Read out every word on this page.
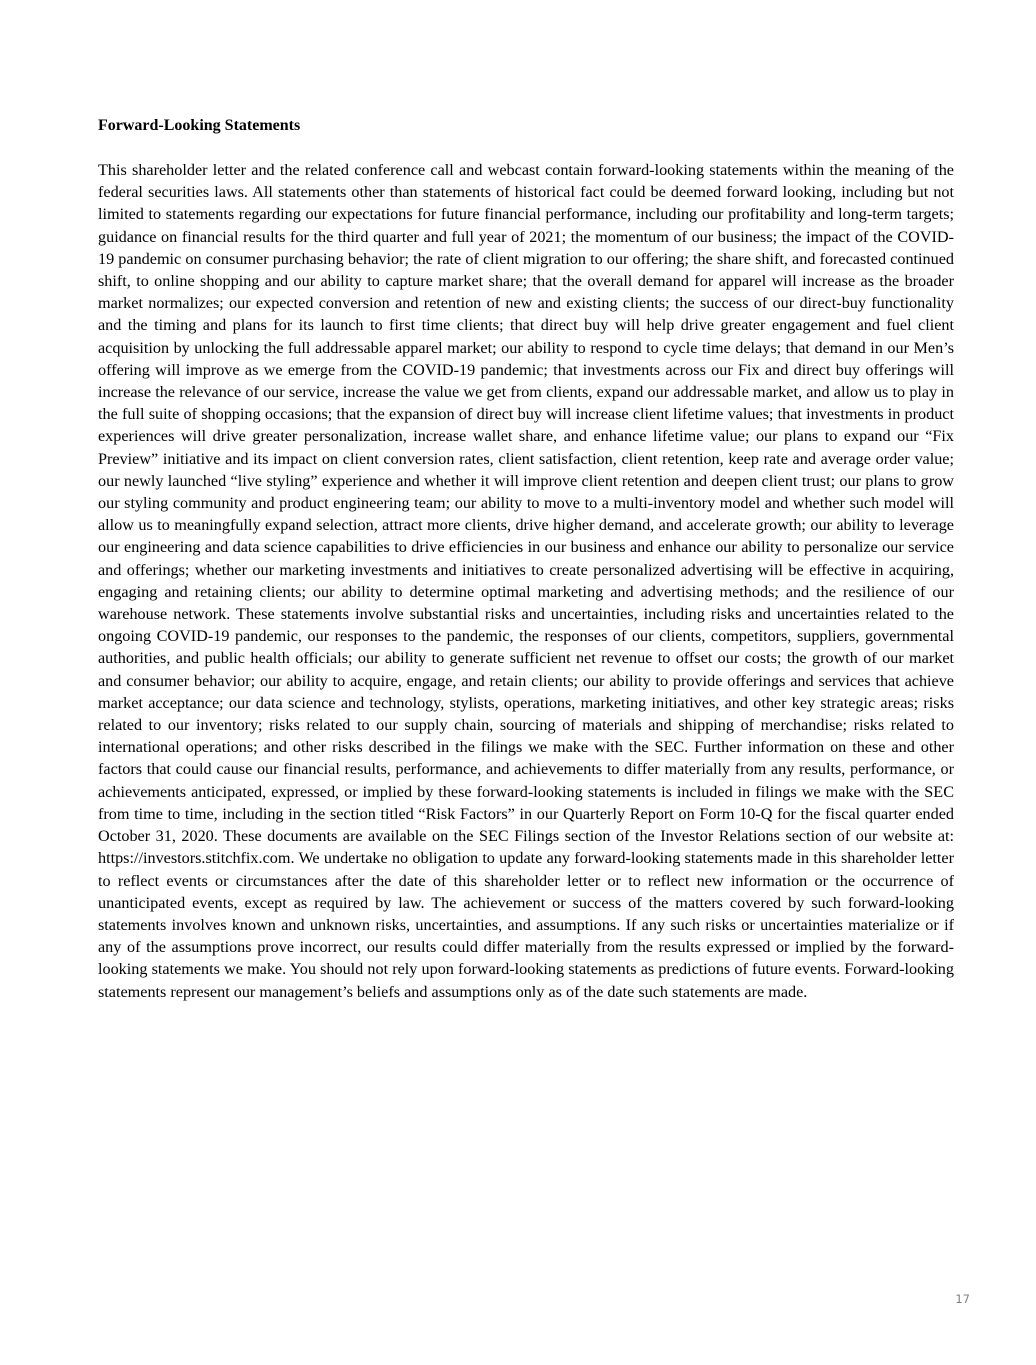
Forward-Looking Statements

This shareholder letter and the related conference call and webcast contain forward-looking statements within the meaning of the federal securities laws. All statements other than statements of historical fact could be deemed forward looking, including but not limited to statements regarding our expectations for future financial performance, including our profitability and long-term targets; guidance on financial results for the third quarter and full year of 2021; the momentum of our business; the impact of the COVID-19 pandemic on consumer purchasing behavior; the rate of client migration to our offering; the share shift, and forecasted continued shift, to online shopping and our ability to capture market share; that the overall demand for apparel will increase as the broader market normalizes; our expected conversion and retention of new and existing clients; the success of our direct-buy functionality and the timing and plans for its launch to first time clients; that direct buy will help drive greater engagement and fuel client acquisition by unlocking the full addressable apparel market; our ability to respond to cycle time delays; that demand in our Men’s offering will improve as we emerge from the COVID-19 pandemic; that investments across our Fix and direct buy offerings will increase the relevance of our service, increase the value we get from clients, expand our addressable market, and allow us to play in the full suite of shopping occasions; that the expansion of direct buy will increase client lifetime values; that investments in product experiences will drive greater personalization, increase wallet share, and enhance lifetime value; our plans to expand our “Fix Preview” initiative and its impact on client conversion rates, client satisfaction, client retention, keep rate and average order value; our newly launched “live styling” experience and whether it will improve client retention and deepen client trust; our plans to grow our styling community and product engineering team; our ability to move to a multi-inventory model and whether such model will allow us to meaningfully expand selection, attract more clients, drive higher demand, and accelerate growth; our ability to leverage our engineering and data science capabilities to drive efficiencies in our business and enhance our ability to personalize our service and offerings; whether our marketing investments and initiatives to create personalized advertising will be effective in acquiring, engaging and retaining clients; our ability to determine optimal marketing and advertising methods; and the resilience of our warehouse network. These statements involve substantial risks and uncertainties, including risks and uncertainties related to the ongoing COVID-19 pandemic, our responses to the pandemic, the responses of our clients, competitors, suppliers, governmental authorities, and public health officials; our ability to generate sufficient net revenue to offset our costs; the growth of our market and consumer behavior; our ability to acquire, engage, and retain clients; our ability to provide offerings and services that achieve market acceptance; our data science and technology, stylists, operations, marketing initiatives, and other key strategic areas; risks related to our inventory; risks related to our supply chain, sourcing of materials and shipping of merchandise; risks related to international operations; and other risks described in the filings we make with the SEC. Further information on these and other factors that could cause our financial results, performance, and achievements to differ materially from any results, performance, or achievements anticipated, expressed, or implied by these forward-looking statements is included in filings we make with the SEC from time to time, including in the section titled “Risk Factors” in our Quarterly Report on Form 10-Q for the fiscal quarter ended October 31, 2020. These documents are available on the SEC Filings section of the Investor Relations section of our website at: https://investors.stitchfix.com. We undertake no obligation to update any forward-looking statements made in this shareholder letter to reflect events or circumstances after the date of this shareholder letter or to reflect new information or the occurrence of unanticipated events, except as required by law. The achievement or success of the matters covered by such forward-looking statements involves known and unknown risks, uncertainties, and assumptions. If any such risks or uncertainties materialize or if any of the assumptions prove incorrect, our results could differ materially from the results expressed or implied by the forward-looking statements we make. You should not rely upon forward-looking statements as predictions of future events. Forward-looking statements represent our management’s beliefs and assumptions only as of the date such statements are made.

17
